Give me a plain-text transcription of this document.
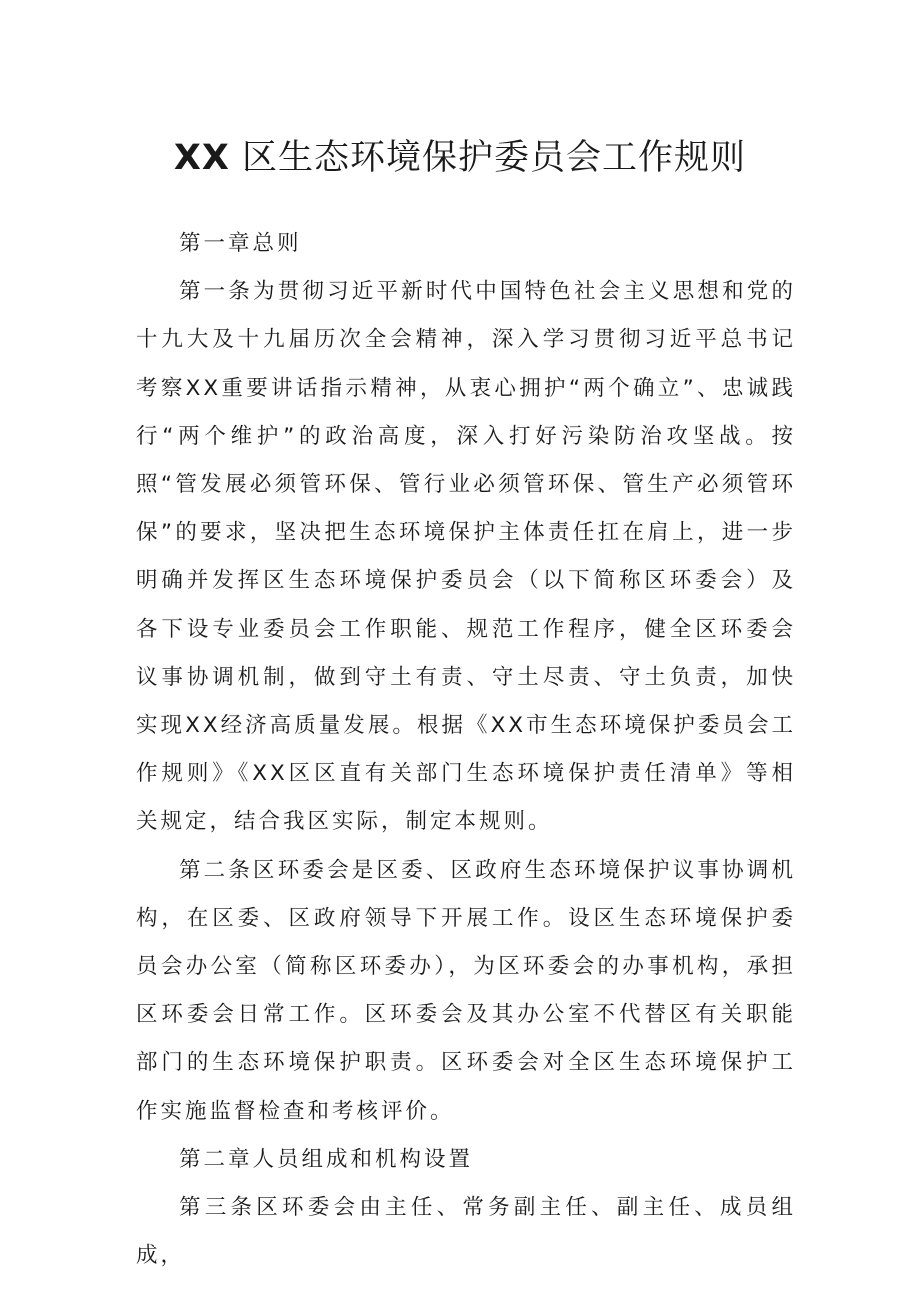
XX 区生态环境保护委员会工作规则

第一章总则

第一条为贯彻习近平新时代中国特色社会主义思想和党的十九大及十九届历次全会精神，深入学习贯彻习近平总书记考察XX重要讲话指示精神，从衷心拥护“两个确立”、忠诚践行“两个维护”的政治高度，深入打好污染防治攻坚战。按照“管发展必须管环保、管行业必须管环保、管生产必须管环保”的要求，坚决把生态环境保护主体责任扛在肩上，进一步明确并发挥区生态环境保护委员会（以下简称区环委会）及各下设专业委员会工作职能、规范工作程序，健全区环委会议事协调机制，做到守土有责、守土尽责、守土负责，加快实现XX经济高质量发展。根据《XX市生态环境保护委员会工作规则》《XX区区直有关部门生态环境保护责任清单》等相关规定，结合我区实际，制定本规则。

第二条区环委会是区委、区政府生态环境保护议事协调机构，在区委、区政府领导下开展工作。设区生态环境保护委员会办公室（简称区环委办），为区环委会的办事机构，承担区环委会日常工作。区环委会及其办公室不代替区有关职能部门的生态环境保护职责。区环委会对全区生态环境保护工作实施监督检查和考核评价。

第二章人员组成和机构设置

第三条区环委会由主任、常务副主任、副主任、成员组成，
